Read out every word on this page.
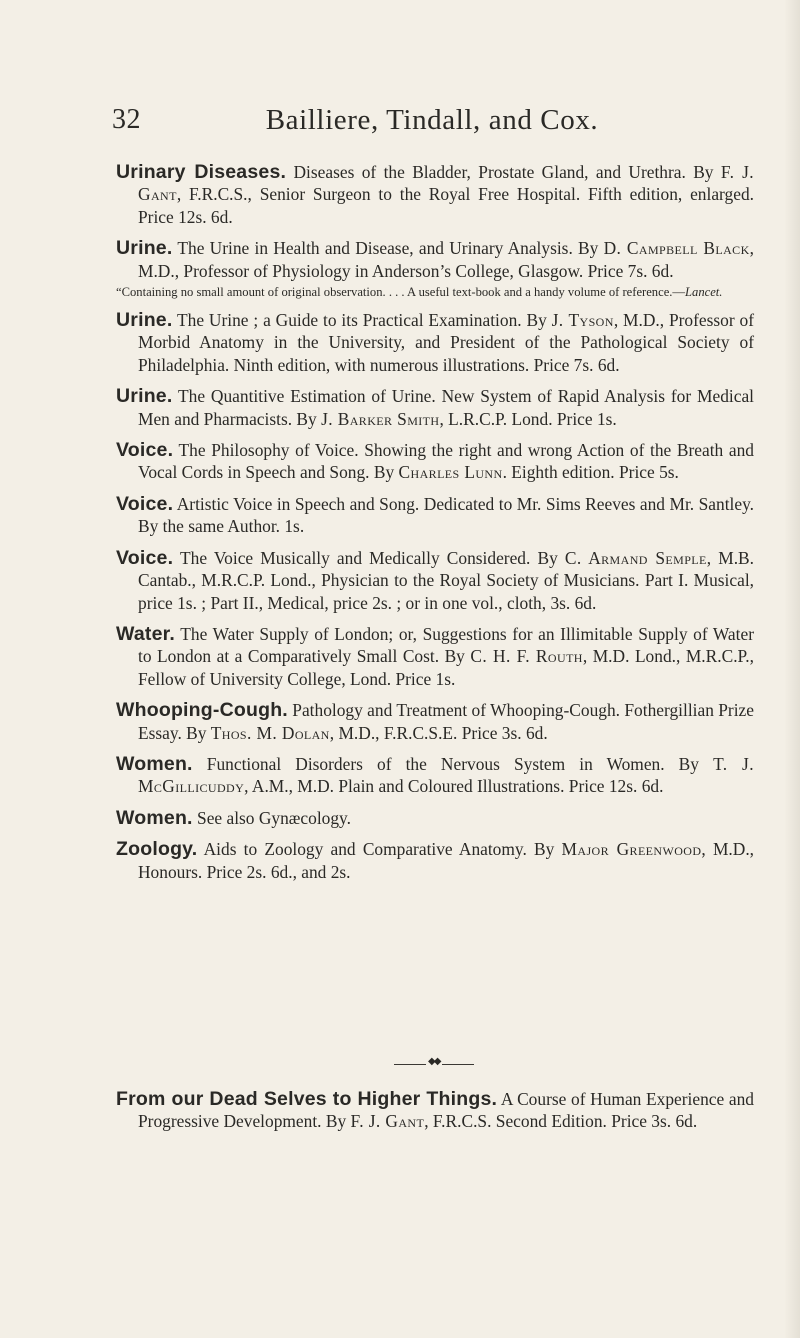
32	Bailliere, Tindall, and Cox.

Urinary Diseases. Diseases of the Bladder, Prostate Gland, and Urethra. By F. J. Gant, F.R.C.S., Senior Surgeon to the Royal Free Hospital. Fifth edition, enlarged. Price 12s. 6d.

Urine. The Urine in Health and Disease, and Urinary Analysis. By D. Campbell Black, M.D., Professor of Physiology in Anderson’s College, Glasgow. Price 7s. 6d.
“Containing no small amount of original observation. . . . A useful text-book and a handy volume of reference.—Lancet.

Urine. The Urine ; a Guide to its Practical Examination. By J. Tyson, M.D., Professor of Morbid Anatomy in the University, and President of the Pathological Society of Philadelphia. Ninth edition, with numerous illustrations. Price 7s. 6d.

Urine. The Quantitive Estimation of Urine. New System of Rapid Analysis for Medical Men and Pharmacists. By J. Barker Smith, L.R.C.P. Lond. Price 1s.

Voice. The Philosophy of Voice. Showing the right and wrong Action of the Breath and Vocal Cords in Speech and Song. By Charles Lunn. Eighth edition. Price 5s.

Voice. Artistic Voice in Speech and Song. Dedicated to Mr. Sims Reeves and Mr. Santley. By the same Author. 1s.

Voice. The Voice Musically and Medically Considered. By C. Armand Semple, M.B. Cantab., M.R.C.P. Lond., Physician to the Royal Society of Musicians. Part I. Musical, price 1s. ; Part II., Medical, price 2s. ; or in one vol., cloth, 3s. 6d.

Water. The Water Supply of London; or, Suggestions for an Illimitable Supply of Water to London at a Comparatively Small Cost. By C. H. F. Routh, M.D. Lond., M.R.C.P., Fellow of University College, Lond. Price 1s.

Whooping-Cough. Pathology and Treatment of Whooping-Cough. Fothergillian Prize Essay. By Thos. M. Dolan, M.D., F.R.C.S.E. Price 3s. 6d.

Women. Functional Disorders of the Nervous System in Women. By T. J. McGillicuddy, A.M., M.D. Plain and Coloured Illustrations. Price 12s. 6d.

Women. See also Gynæcology.

Zoology. Aids to Zoology and Comparative Anatomy. By Major Greenwood, M.D., Honours. Price 2s. 6d., and 2s.

◆◆

From our Dead Selves to Higher Things. A Course of Human Experience and Progressive Development. By F. J. Gant, F.R.C.S. Second Edition. Price 3s. 6d.
